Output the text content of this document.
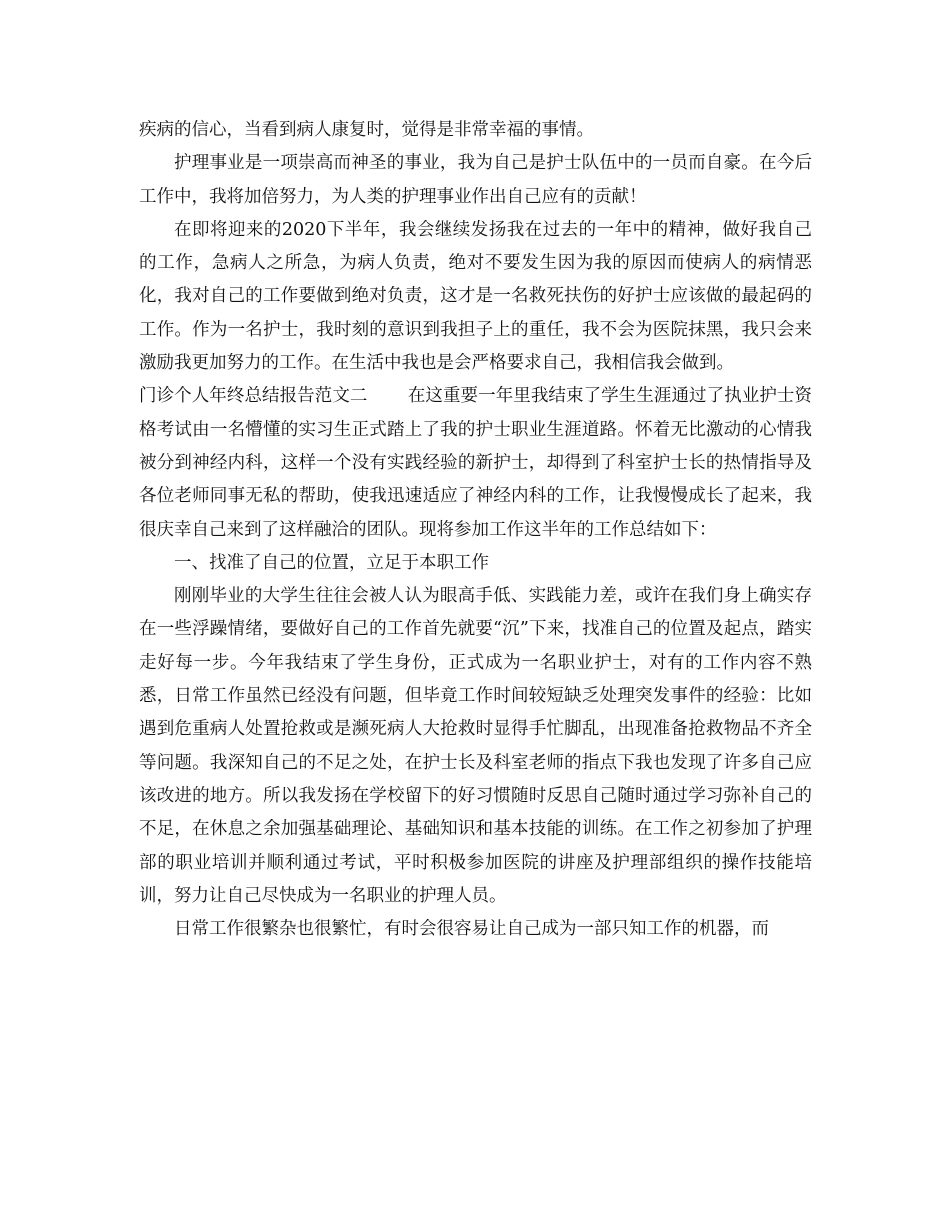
疾病的信心，当看到病人康复时，觉得是非常幸福的事情。

护理事业是一项崇高而神圣的事业，我为自己是护士队伍中的一员而自豪。在今后工作中，我将加倍努力，为人类的护理事业作出自己应有的贡献！

在即将迎来的2020下半年，我会继续发扬我在过去的一年中的精神，做好我自己的工作，急病人之所急，为病人负责，绝对不要发生因为我的原因而使病人的病情恶化，我对自己的工作要做到绝对负责，这才是一名救死扶伤的好护士应该做的最起码的工作。作为一名护士，我时刻的意识到我担子上的重任，我不会为医院抹黑，我只会来激励我更加努力的工作。在生活中我也是会严格要求自己，我相信我会做到。

门诊个人年终总结报告范文二 在这重要一年里我结束了学生生涯通过了执业护士资格考试由一名懵懂的实习生正式踏上了我的护士职业生涯道路。怀着无比激动的心情我被分到神经内科，这样一个没有实践经验的新护士，却得到了科室护士长的热情指导及各位老师同事无私的帮助，使我迅速适应了神经内科的工作，让我慢慢成长了起来，我很庆幸自己来到了这样融洽的团队。现将参加工作这半年的工作总结如下：

一、找准了自己的位置，立足于本职工作

刚刚毕业的大学生往往会被人认为眼高手低、实践能力差，或许在我们身上确实存在一些浮躁情绪，要做好自己的工作首先就要“沉”下来，找准自己的位置及起点，踏实走好每一步。今年我结束了学生身份，正式成为一名职业护士，对有的工作内容不熟悉，日常工作虽然已经没有问题，但毕竟工作时间较短缺乏处理突发事件的经验：比如遇到危重病人处置抢救或是濒死病人大抢救时显得手忙脚乱，出现准备抢救物品不齐全等问题。我深知自己的不足之处，在护士长及科室老师的指点下我也发现了许多自己应该改进的地方。所以我发扬在学校留下的好习惯随时反思自己随时通过学习弥补自己的不足，在休息之余加强基础理论、基础知识和基本技能的训练。在工作之初参加了护理部的职业培训并顺利通过考试，平时积极参加医院的讲座及护理部组织的操作技能培训，努力让自己尽快成为一名职业的护理人员。

日常工作很繁杂也很繁忙，有时会很容易让自己成为一部只知工作的机器，而
